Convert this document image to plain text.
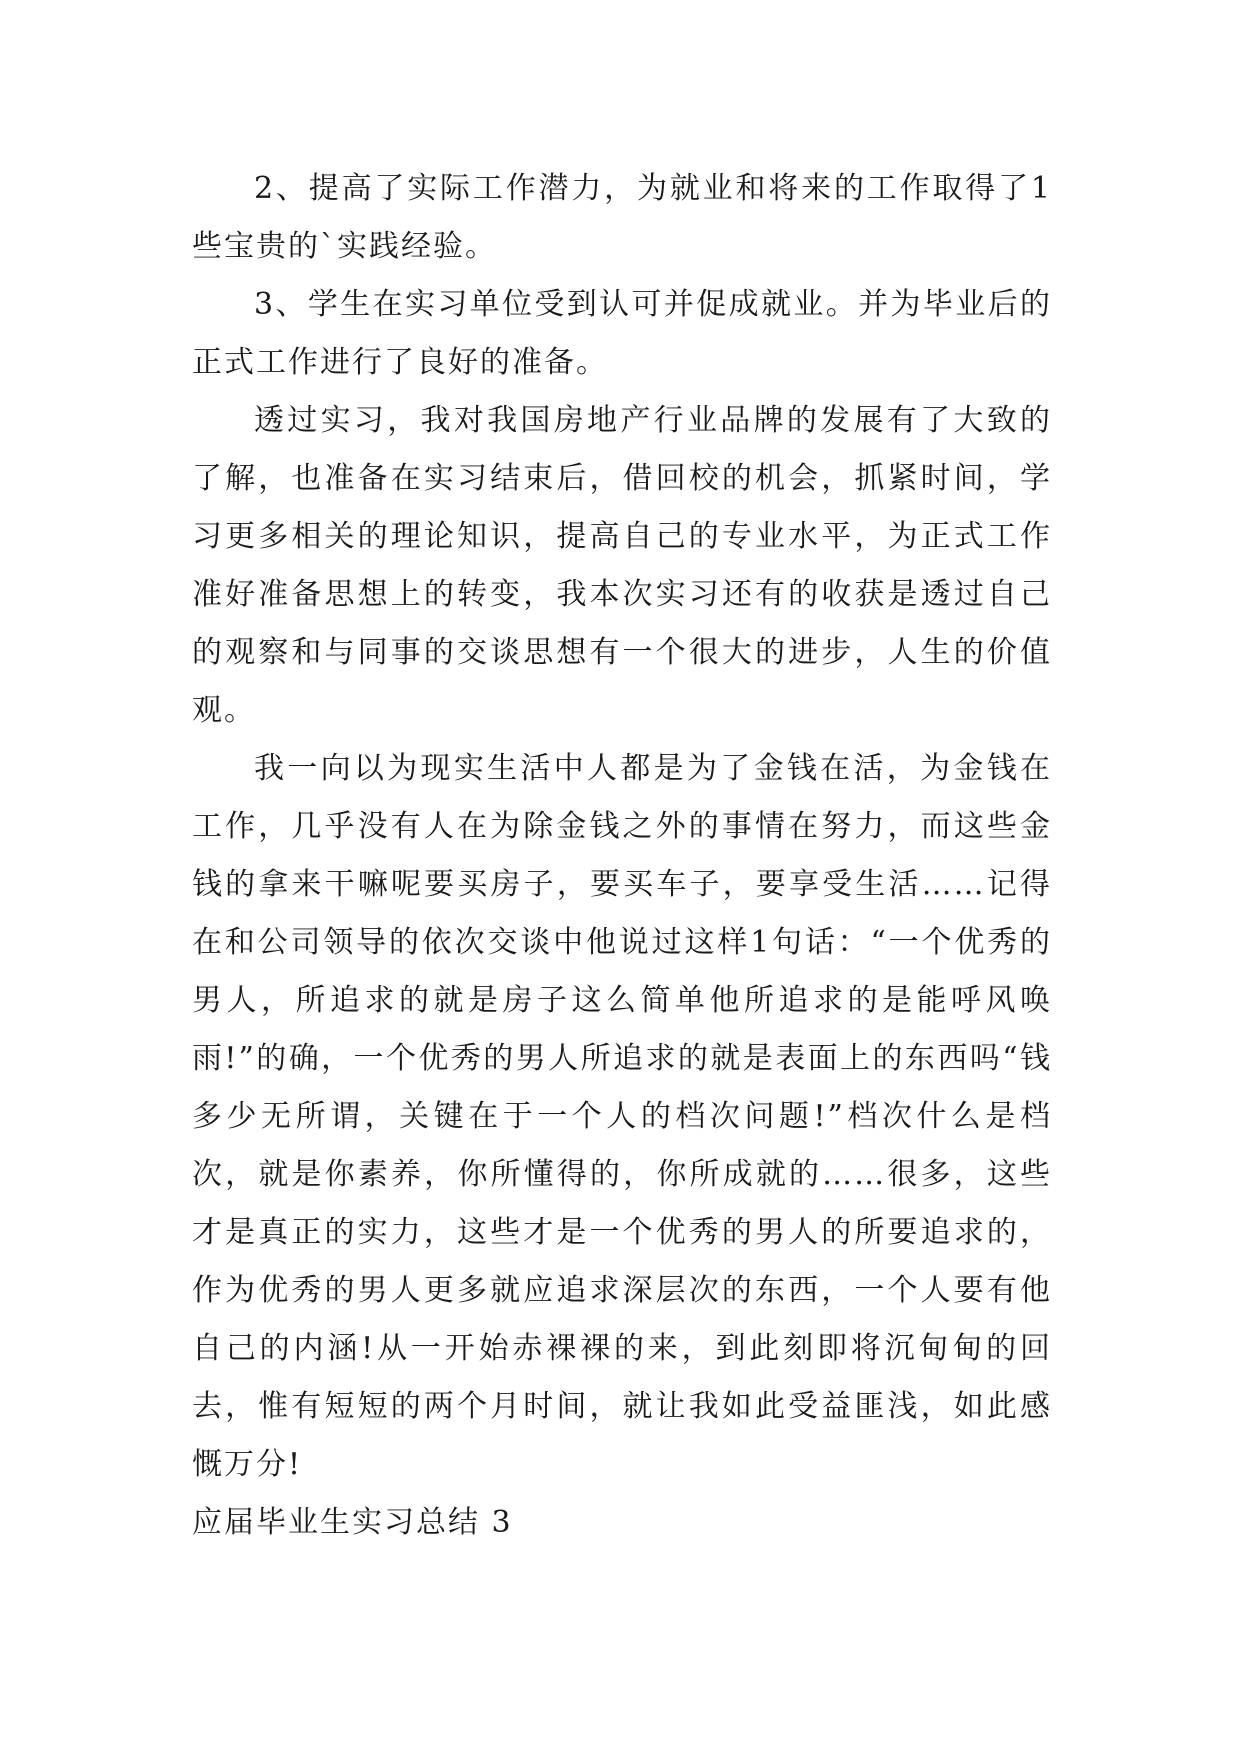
2、提高了实际工作潜力，为就业和将来的工作取得了1些宝贵的`实践经验。

3、学生在实习单位受到认可并促成就业。并为毕业后的正式工作进行了良好的准备。

透过实习，我对我国房地产行业品牌的发展有了大致的了解，也准备在实习结束后，借回校的机会，抓紧时间，学习更多相关的理论知识，提高自己的专业水平，为正式工作准好准备思想上的转变，我本次实习还有的收获是透过自己的观察和与同事的交谈思想有一个很大的进步，人生的价值观。

我一向以为现实生活中人都是为了金钱在活，为金钱在工作，几乎没有人在为除金钱之外的事情在努力，而这些金钱的拿来干嘛呢要买房子，要买车子，要享受生活……记得在和公司领导的依次交谈中他说过这样1句话：“一个优秀的男人，所追求的就是房子这么简单他所追求的是能呼风唤雨!”的确，一个优秀的男人所追求的就是表面上的东西吗“钱多少无所谓，关键在于一个人的档次问题!”档次什么是档次，就是你素养，你所懂得的，你所成就的……很多，这些才是真正的实力，这些才是一个优秀的男人的所要追求的，作为优秀的男人更多就应追求深层次的东西，一个人要有他自己的内涵!从一开始赤裸裸的来，到此刻即将沉甸甸的回去，惟有短短的两个月时间，就让我如此受益匪浅，如此感慨万分!

应届毕业生实习总结 3
